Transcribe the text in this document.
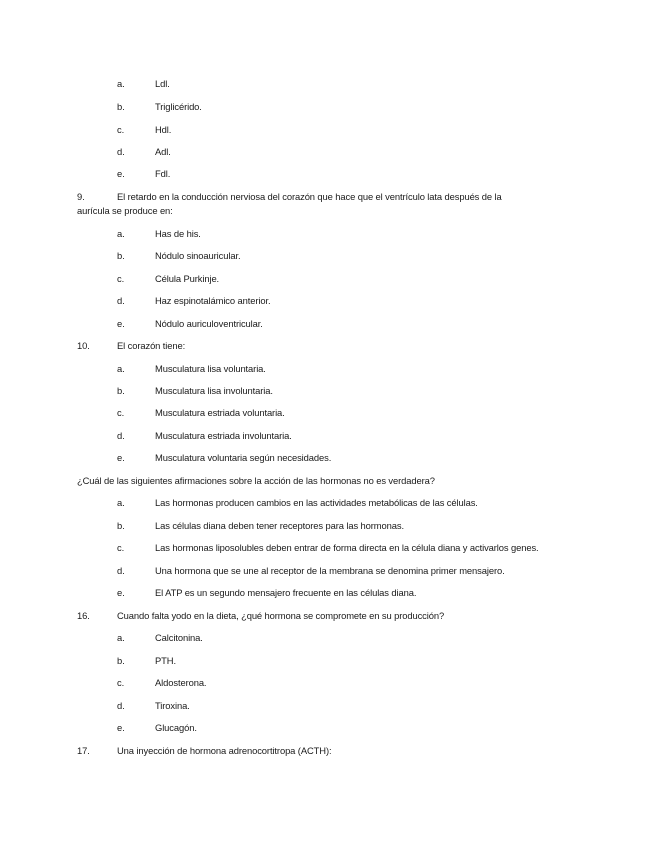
a.	Ldl.
b.	Triglicérido.
c.	Hdl.
d.	Adl.
e.	Fdl.
9.	El retardo en la conducción nerviosa del corazón que hace que el ventrículo lata después de la
aurícula se produce en:
a.	Has de his.
b.	Nódulo sinoauricular.
c.	Célula Purkinje.
d.	Haz espinotalámico anterior.
e.	Nódulo auriculoventricular.
10.	El corazón tiene:
a.	Musculatura lisa voluntaria.
b.	Musculatura lisa involuntaria.
c.	Musculatura estriada voluntaria.
d.	Musculatura estriada involuntaria.
e.	Musculatura voluntaria según necesidades.
¿Cuál de las siguientes afirmaciones sobre la acción de las hormonas no es verdadera?
a.	Las hormonas producen cambios en las actividades metabólicas de las células.
b.	Las células diana deben tener receptores para las hormonas.
c.	Las hormonas liposolubles deben entrar de forma directa en la célula diana y activarlos genes.
d.	Una hormona que se une al receptor de la membrana se denomina primer mensajero.
e.	El ATP es un segundo mensajero frecuente en las células diana.
16.	Cuando falta yodo en la dieta, ¿qué hormona se compromete en su producción?
a.	Calcitonina.
b.	PTH.
c.	Aldosterona.
d.	Tiroxina.
e.	Glucagón.
17.	Una inyección de hormona adrenocortitropa (ACTH):
